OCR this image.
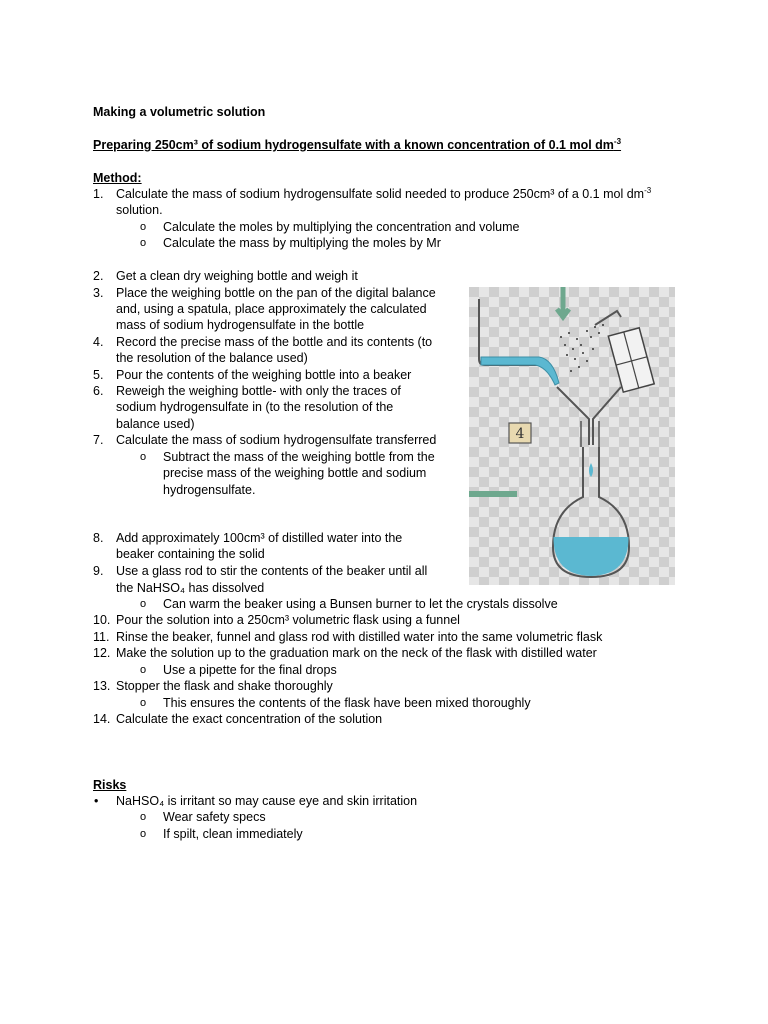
Making a volumetric solution
Preparing 250cm³ of sodium hydrogensulfate with a known concentration of 0.1 mol $dm^{-3}$
Method:
1.	Calculate the mass of sodium hydrogensulfate solid needed to produce 250cm³ of a 0.1 mol $dm^{-3}$
solution.
o Calculate the moles by multiplying the concentration and volume
o Calculate the mass by multiplying the moles by Mr
2.	Get a clean dry weighing bottle and weigh it
3.	Place the weighing bottle on the pan of the digital balance
and, using a spatula, place approximately the calculated
mass of sodium hydrogensulfate in the bottle
4.	Record the precise mass of the bottle and its contents (to
the resolution of the balance used)
5.	Pour the contents of the weighing bottle into a beaker
6.	Reweigh the weighing bottle- with only the traces of
sodium hydrogensulfate in (to the resolution of the
balance used)
7.	Calculate the mass of sodium hydrogensulfate transferred
o Subtract the mass of the weighing bottle from the
precise mass of the weighing bottle and sodium
hydrogensulfate.
8.	Add approximately 100cm³ of distilled water into the
beaker containing the solid
9.	Use a glass rod to stir the contents of the beaker until all
the NaHSO₄ has dissolved
o Can warm the beaker using a Bunsen burner to let the crystals dissolve
10. Pour the solution into a 250cm³ volumetric flask using a funnel
11. Rinse the beaker, funnel and glass rod with distilled water into the same volumetric flask
12. Make the solution up to the graduation mark on the neck of the flask with distilled water
o Use a pipette for the final drops
13. Stopper the flask and shake thoroughly
o This ensures the contents of the flask have been mixed thoroughly
14. Calculate the exact concentration of the solution
Risks
• NaHSO₄ is irritant so may cause eye and skin irritation
o Wear safety specs
o If spilt, clean immediately
4
